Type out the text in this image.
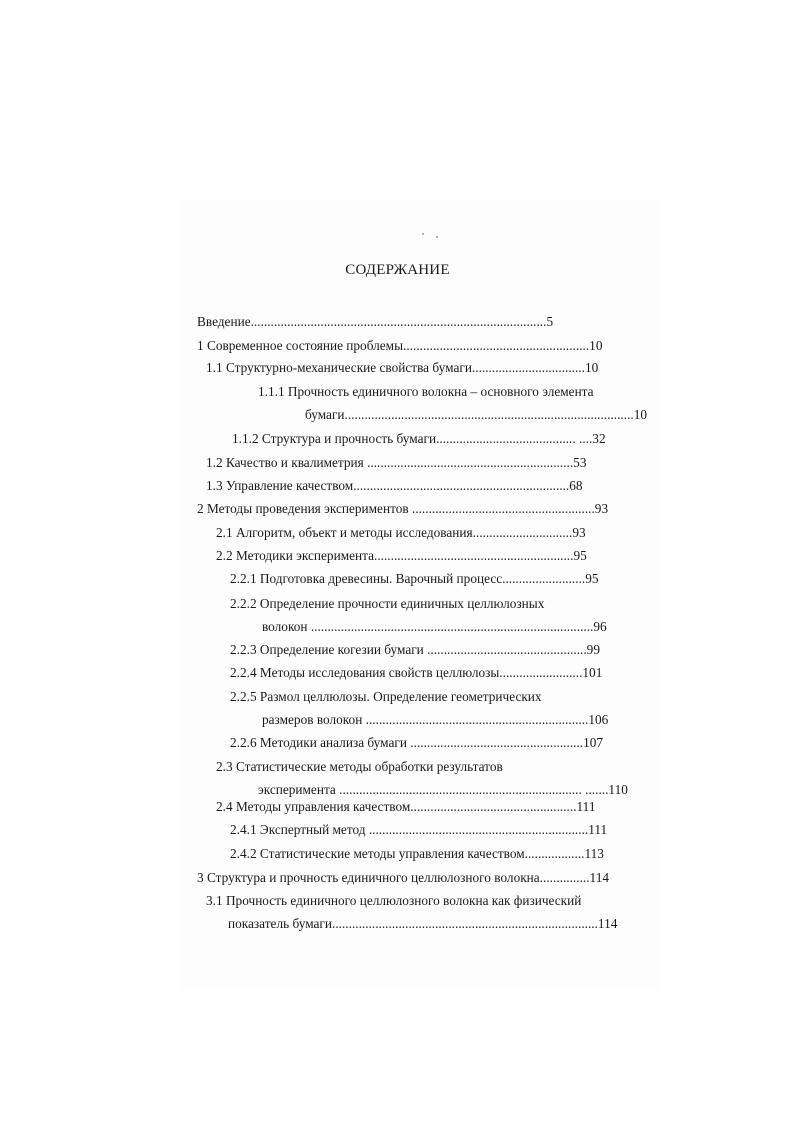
СОДЕРЖАНИЕ
Введение.........................................................................................5
1 Современное состояние проблемы........................................................10
1.1 Структурно-механические свойства бумаги..................................10
1.1.1 Прочность единичного волокна – основного элемента
бумаги.......................................................................................10
1.1.2 Структура и прочность бумаги.......................................... ....32
1.2 Качество и квалиметрия ..............................................................53
1.3 Управление качеством.................................................................68
2 Методы проведения экспериментов .......................................................93
2.1 Алгоритм, объект и методы исследования..............................93
2.2 Методики эксперимента............................................................95
2.2.1 Подготовка древесины. Варочный процесс.........................95
2.2.2 Определение прочности единичных целлюлозных
волокон .....................................................................................96
2.2.3 Определение когезии бумаги ................................................99
2.2.4 Методы исследования свойств целлюлозы.........................101
2.2.5 Размол целлюлозы. Определение геометрических
размеров волокон ...................................................................106
2.2.6 Методики анализа бумаги ....................................................107
2.3 Статистические методы обработки результатов
эксперимента ......................................................................... .......110
2.4 Методы управления качеством..................................................111
2.4.1 Экспертный метод ..................................................................111
2.4.2 Статистические методы управления качеством..................113
3 Структура и прочность единичного целлюлозного волокна...............114
3.1 Прочность единичного целлюлозного волокна как физический
показатель бумаги................................................................................114
